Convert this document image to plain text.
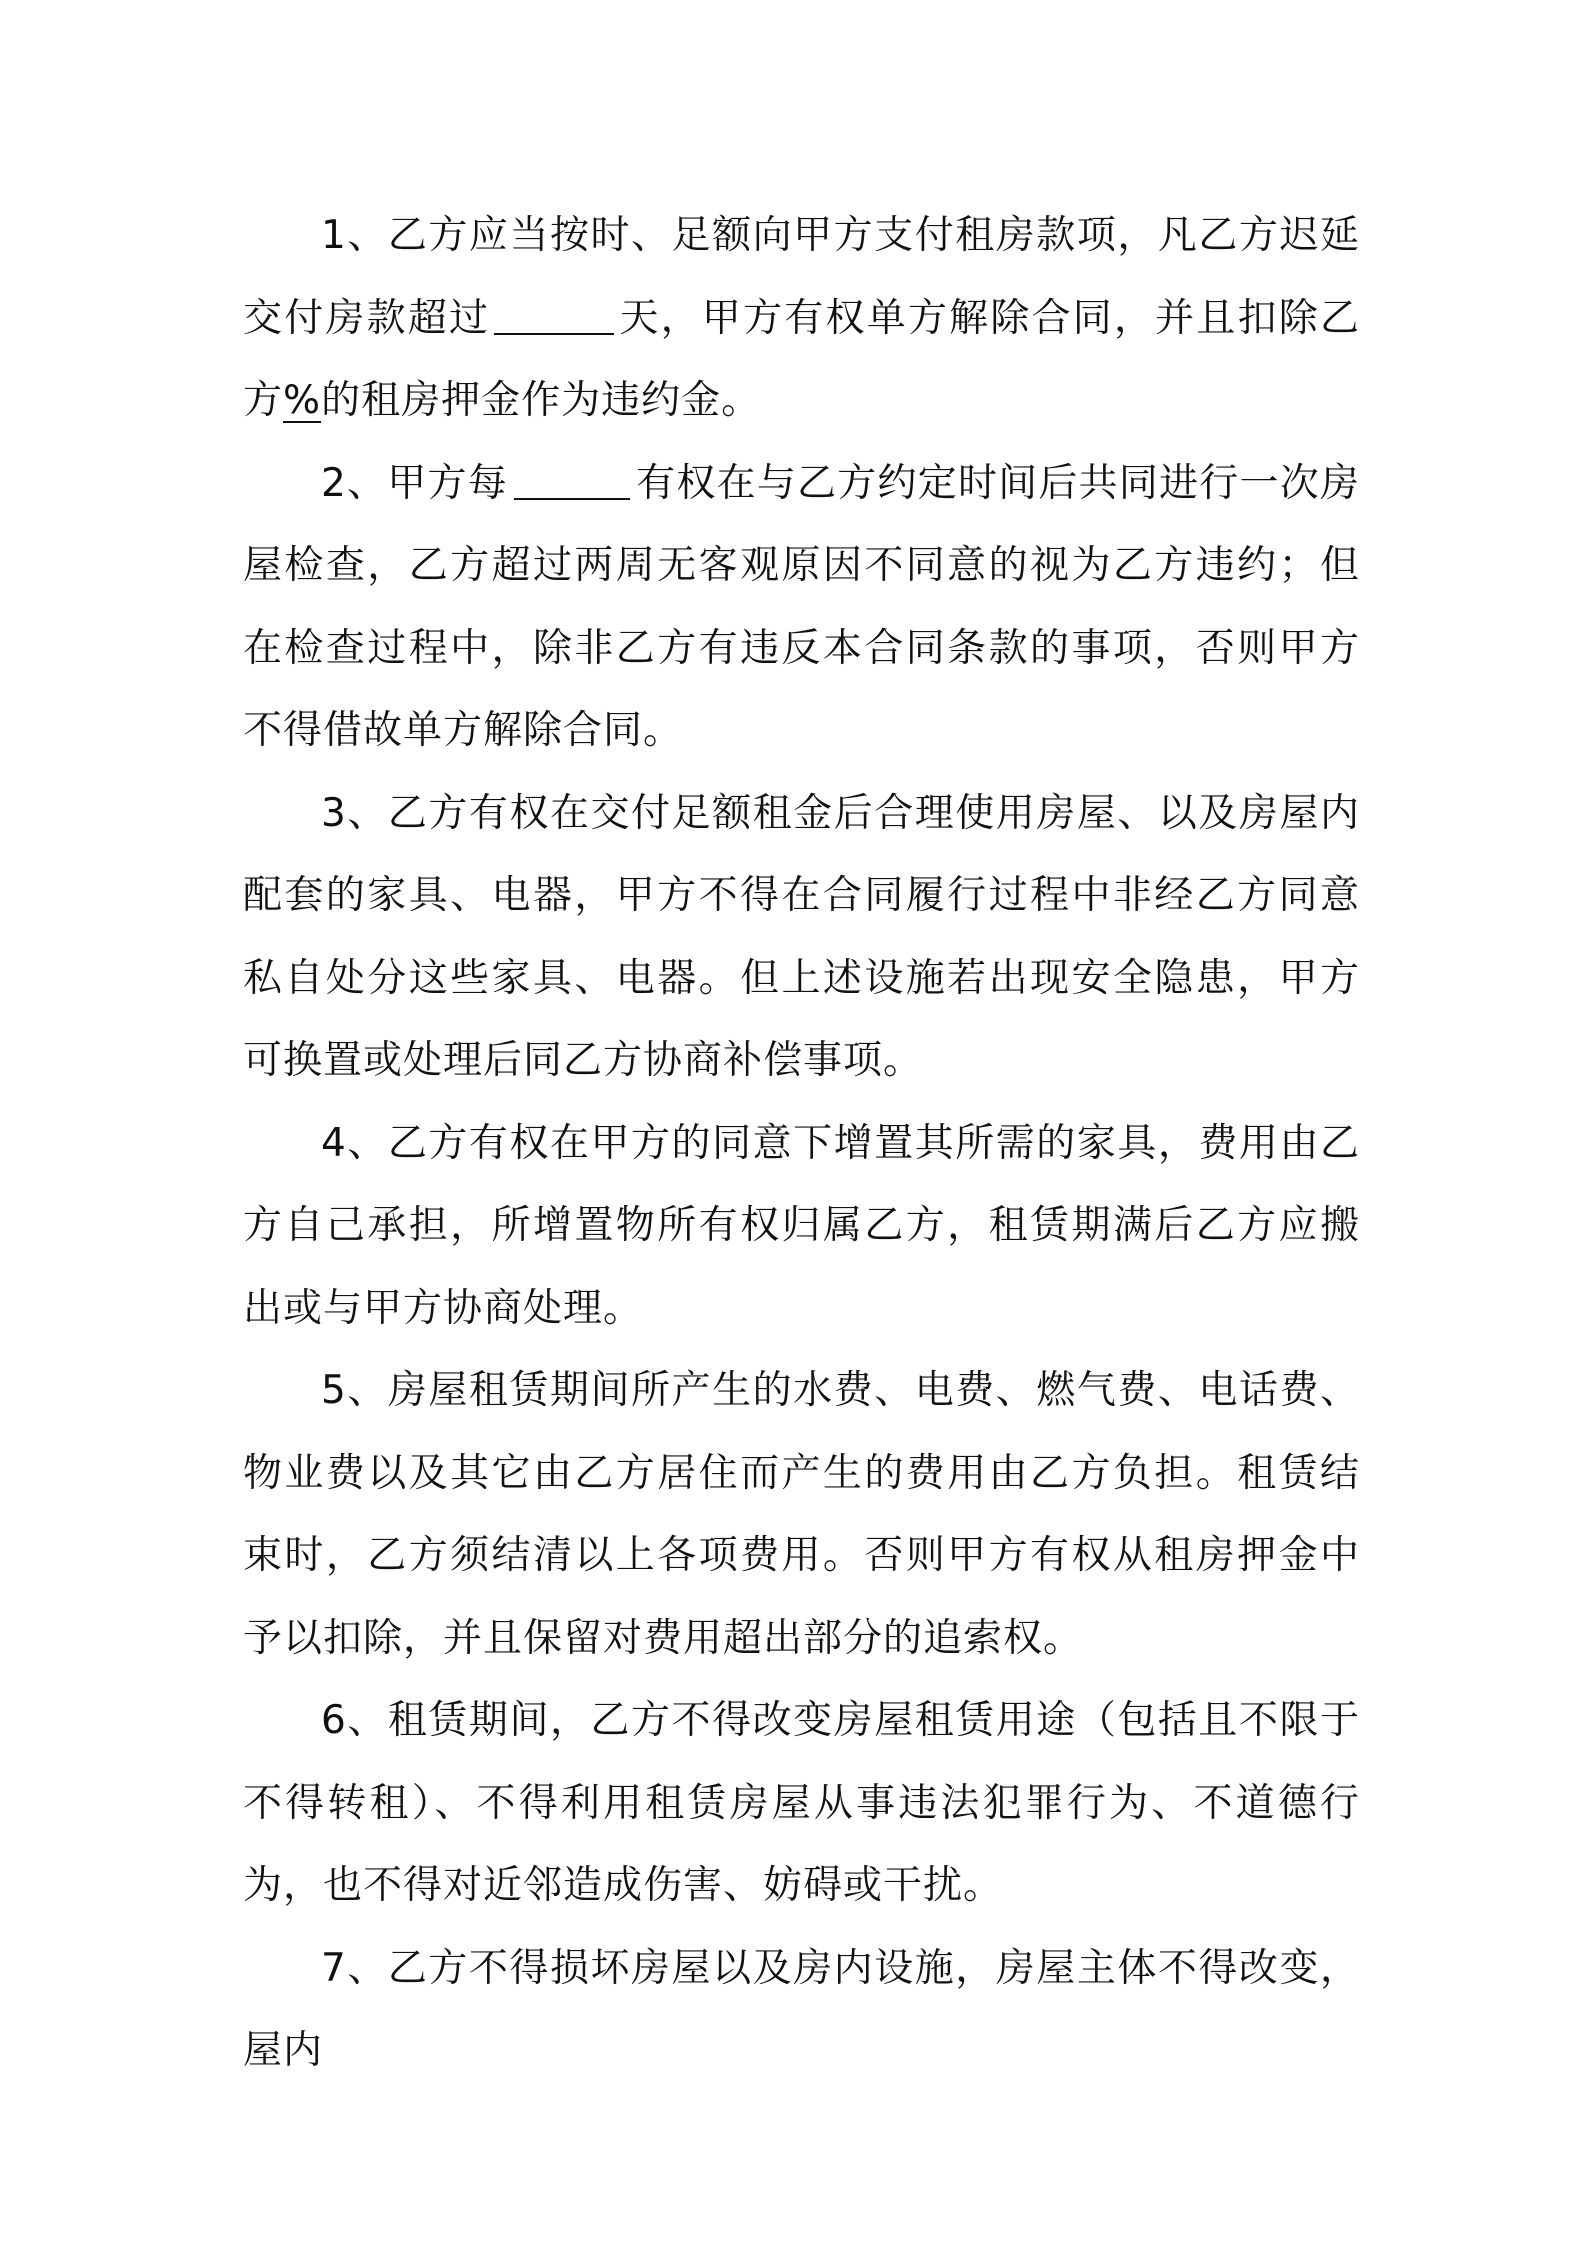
1、乙方应当按时、足额向甲方支付租房款项，凡乙方迟延交付房款超过	天，甲方有权单方解除合同，并且扣除乙方%的租房押金作为违约金。

2、甲方每	有权在与乙方约定时间后共同进行一次房屋检查，乙方超过两周无客观原因不同意的视为乙方违约；但在检查过程中，除非乙方有违反本合同条款的事项，否则甲方不得借故单方解除合同。

3、乙方有权在交付足额租金后合理使用房屋、以及房屋内配套的家具、电器，甲方不得在合同履行过程中非经乙方同意私自处分这些家具、电器。但上述设施若出现安全隐患，甲方可换置或处理后同乙方协商补偿事项。

4、乙方有权在甲方的同意下增置其所需的家具，费用由乙方自己承担，所增置物所有权归属乙方，租赁期满后乙方应搬出或与甲方协商处理。

5、房屋租赁期间所产生的水费、电费、燃气费、电话费、物业费以及其它由乙方居住而产生的费用由乙方负担。租赁结束时，乙方须结清以上各项费用。否则甲方有权从租房押金中予以扣除，并且保留对费用超出部分的追索权。

6、租赁期间，乙方不得改变房屋租赁用途（包括且不限于不得转租）、不得利用租赁房屋从事违法犯罪行为、不道德行为，也不得对近邻造成伤害、妨碍或干扰。

7、乙方不得损坏房屋以及房内设施，房屋主体不得改变，屋内
